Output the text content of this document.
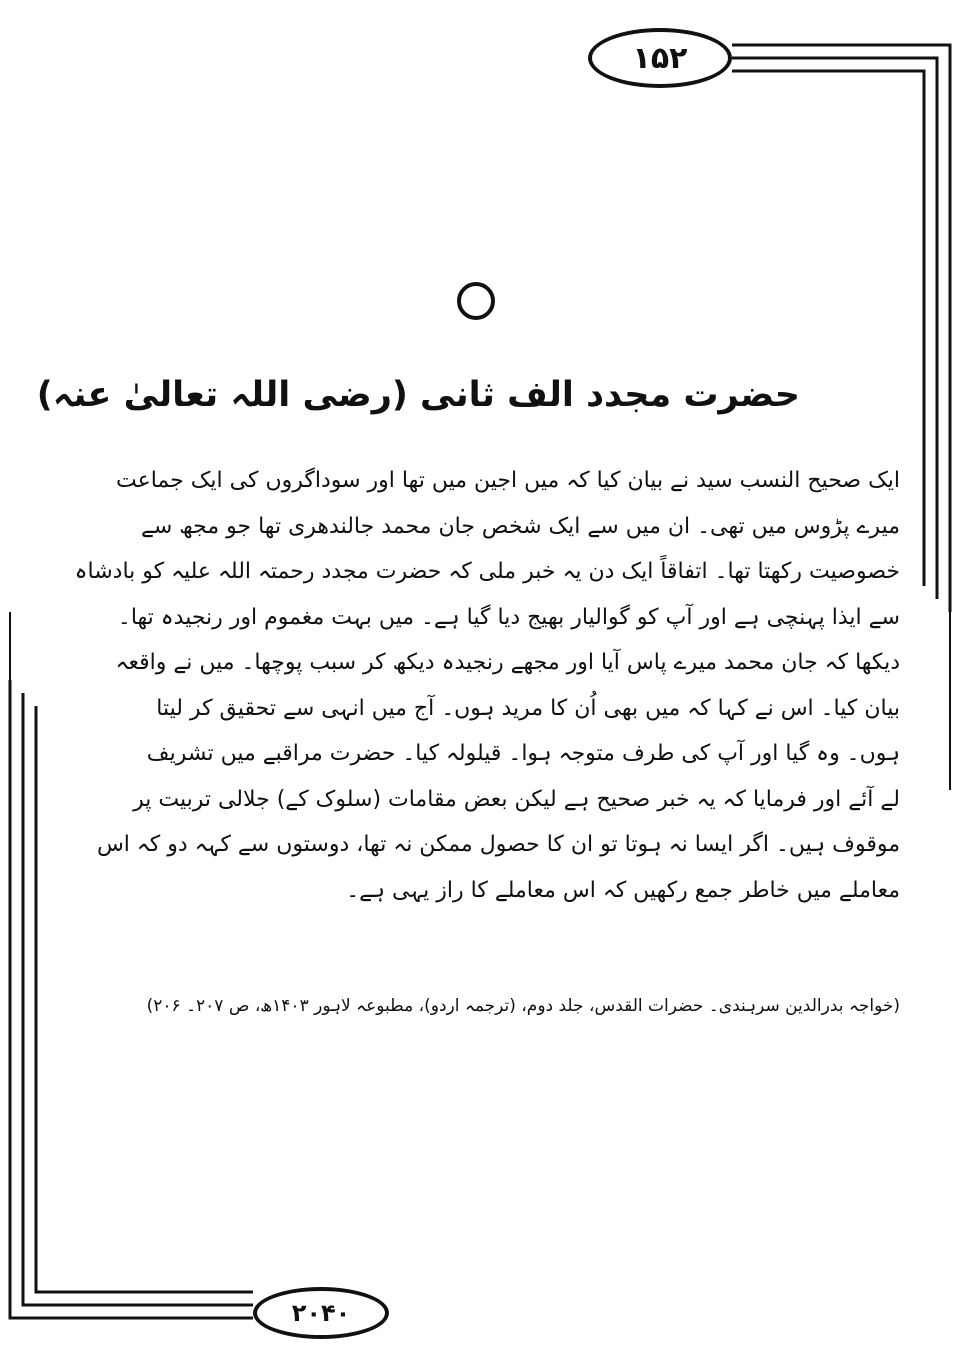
۱۵۲
حضرت مجدد الف ثانی (رضی اللہ تعالیٰ عنہ)
ایک صحیح النسب سید نے بیان کیا کہ میں اجین میں تھا اور سوداگروں کی ایک جماعت
میرے پڑوس میں تھی۔ ان میں سے ایک شخص جان محمد جالندھری تھا جو مجھ سے
خصوصیت رکھتا تھا۔ اتفاقاً ایک دن یہ خبر ملی کہ حضرت مجدد رحمتہ اللہ علیہ کو بادشاہ
سے ایذا پہنچی ہے اور آپ کو گوالیار بھیج دیا گیا ہے۔ میں بہت مغموم اور رنجیدہ تھا۔
دیکھا کہ جان محمد میرے پاس آیا اور مجھے رنجیدہ دیکھ کر سبب پوچھا۔ میں نے واقعہ
بیان کیا۔ اس نے کہا کہ میں بھی اُن کا مرید ہوں۔ آج میں انہی سے تحقیق کر لیتا
ہوں۔ وہ گیا اور آپ کی طرف متوجہ ہوا۔ قیلولہ کیا۔ حضرت مراقبے میں تشریف
لے آئے اور فرمایا کہ یہ خبر صحیح ہے لیکن بعض مقامات (سلوک کے) جلالی تربیت پر
موقوف ہیں۔ اگر ایسا نہ ہوتا تو ان کا حصول ممکن نہ تھا، دوستوں سے کہہ دو کہ اس
معاملے میں خاطر جمع رکھیں کہ اس معاملے کا راز یہی ہے۔
(خواجہ بدرالدین سرہندی۔ حضرات القدس، جلد دوم، (ترجمہ اردو)، مطبوعہ لاہور ۱۴۰۳ھ، ص ۲۰۷۔ ۲۰۶)
۲۰۴۰
